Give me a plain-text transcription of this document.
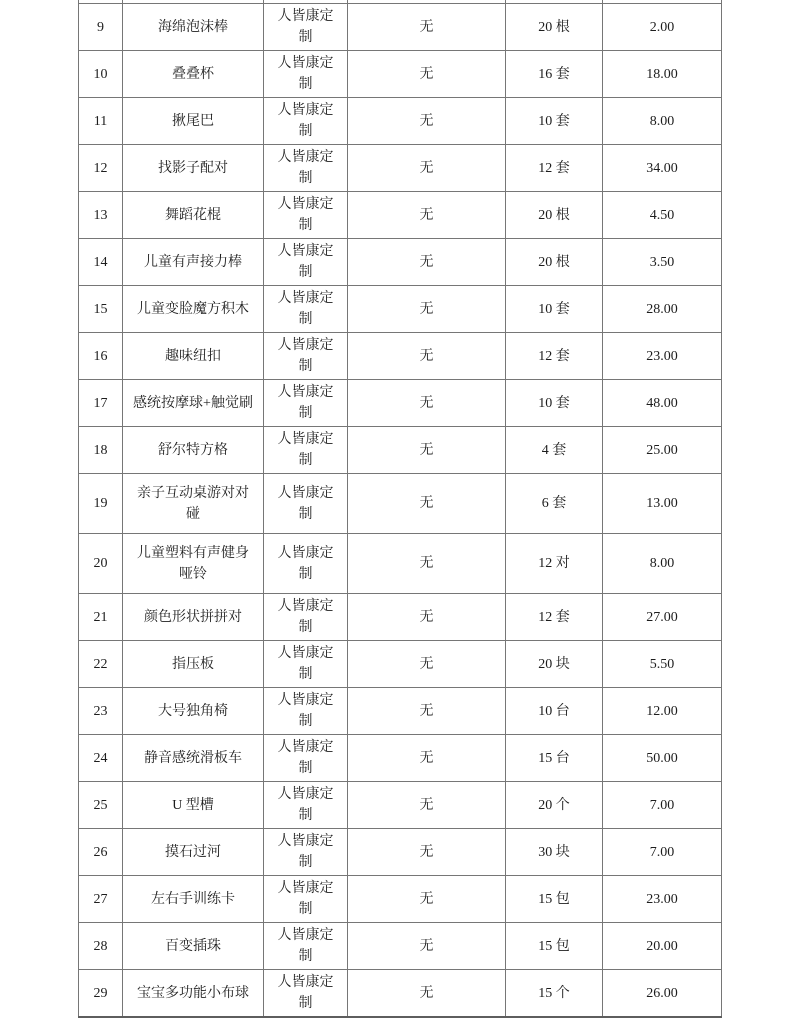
9	海绵泡沫棒	人皆康定制	无	20 根	2.00
10	叠叠杯	人皆康定制	无	16 套	18.00
11	揪尾巴	人皆康定制	无	10 套	8.00
12	找影子配对	人皆康定制	无	12 套	34.00
13	舞蹈花棍	人皆康定制	无	20 根	4.50
14	儿童有声接力棒	人皆康定制	无	20 根	3.50
15	儿童变脸魔方积木	人皆康定制	无	10 套	28.00
16	趣味纽扣	人皆康定制	无	12 套	23.00
17	感统按摩球+触觉刷	人皆康定制	无	10 套	48.00
18	舒尔特方格	人皆康定制	无	4 套	25.00
19	亲子互动桌游对对碰	人皆康定制	无	6 套	13.00
20	儿童塑料有声健身哑铃	人皆康定制	无	12 对	8.00
21	颜色形状拼拼对	人皆康定制	无	12 套	27.00
22	指压板	人皆康定制	无	20 块	5.50
23	大号独角椅	人皆康定制	无	10 台	12.00
24	静音感统滑板车	人皆康定制	无	15 台	50.00
25	U 型槽	人皆康定制	无	20 个	7.00
26	摸石过河	人皆康定制	无	30 块	7.00
27	左右手训练卡	人皆康定制	无	15 包	23.00
28	百变插珠	人皆康定制	无	15 包	20.00
29	宝宝多功能小布球	人皆康定制	无	15 个	26.00
